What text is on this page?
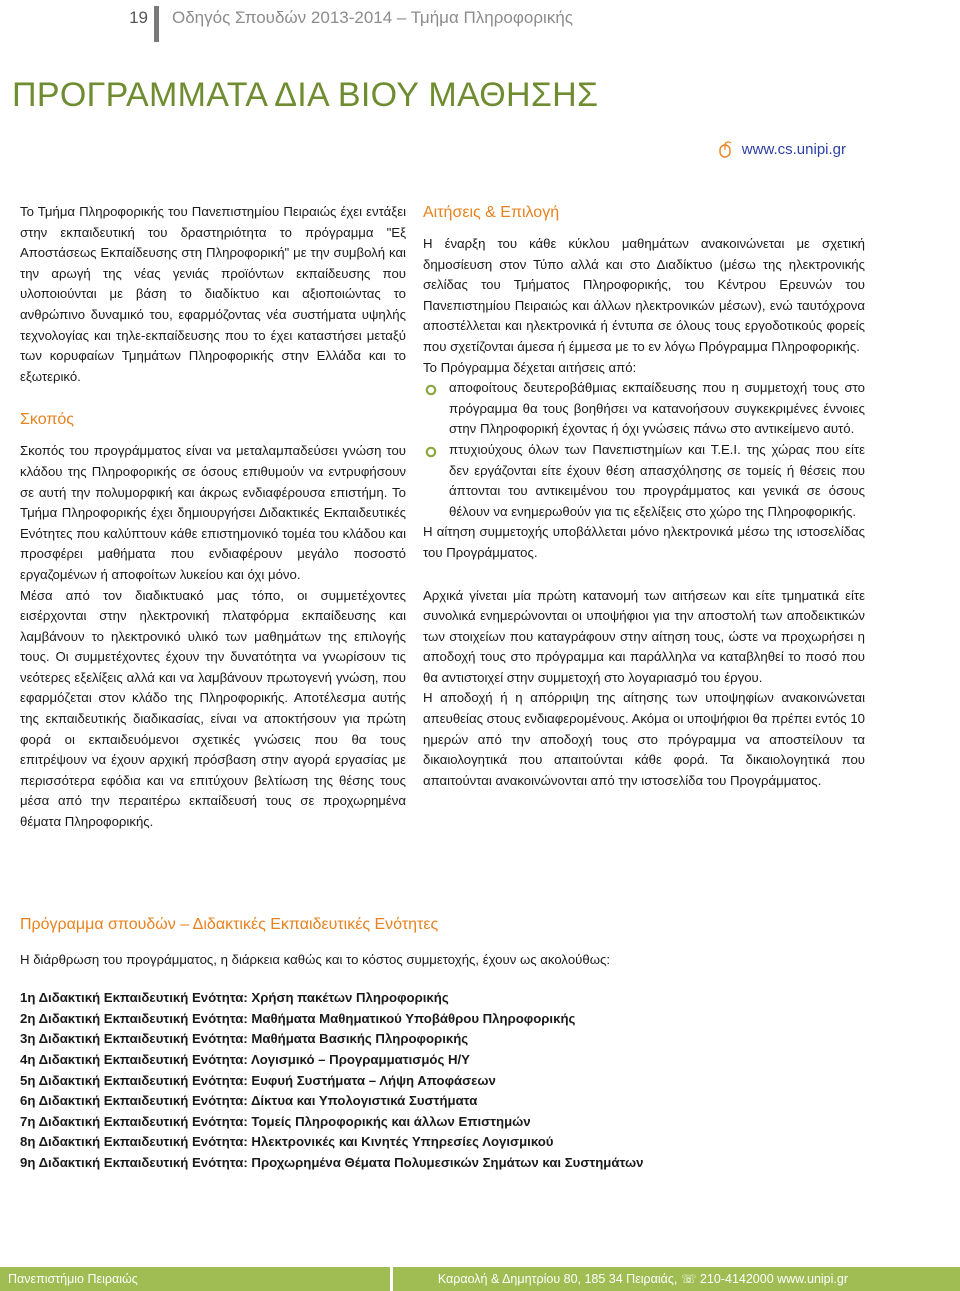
19 Οδηγός Σπουδών 2013-2014 – Τμήμα Πληροφορικής
ΠΡΟΓΡΑΜΜΑΤΑ ΔΙΑ ΒΙΟΥ ΜΑΘΗΣΗΣ
www.cs.unipi.gr

Το Τμήμα Πληροφορικής του Πανεπιστημίου Πειραιώς έχει εντάξει στην εκπαιδευτική του δραστηριότητα το πρόγραμμα "Εξ Αποστάσεως Εκπαίδευσης στη Πληροφορική" με την συμβολή και την αρωγή της νέας γενιάς προϊόντων εκπαίδευσης που υλοποιούνται με βάση το διαδίκτυο και αξιοποιώντας το ανθρώπινο δυναμικό του, εφαρμόζοντας νέα συστήματα υψηλής τεχνολογίας και τηλε-εκπαίδευσης που το έχει καταστήσει μεταξύ των κορυφαίων Τμημάτων Πληροφορικής στην Ελλάδα και το εξωτερικό.

Σκοπός

Σκοπός του προγράμματος είναι να μεταλαμπαδεύσει γνώση του κλάδου της Πληροφορικής σε όσους επιθυμούν να εντρυφήσουν σε αυτή την πολυμορφική και άκρως ενδιαφέρουσα επιστήμη. Το Τμήμα Πληροφορικής έχει δημιουργήσει Διδακτικές Εκπαιδευτικές Ενότητες που καλύπτουν κάθε επιστημονικό τομέα του κλάδου και προσφέρει μαθήματα που ενδιαφέρουν μεγάλο ποσοστό εργαζομένων ή αποφοίτων λυκείου και όχι μόνο.

Μέσα από τον διαδικτυακό μας τόπο, οι συμμετέχοντες εισέρχονται στην ηλεκτρονική πλατφόρμα εκπαίδευσης και λαμβάνουν το ηλεκτρονικό υλικό των μαθημάτων της επιλογής τους. Οι συμμετέχοντες έχουν την δυνατότητα να γνωρίσουν τις νεότερες εξελίξεις αλλά και να λαμβάνουν πρωτογενή γνώση, που εφαρμόζεται στον κλάδο της Πληροφορικής. Αποτέλεσμα αυτής της εκπαιδευτικής διαδικασίας, είναι να αποκτήσουν για πρώτη φορά οι εκπαιδευόμενοι σχετικές γνώσεις που θα τους επιτρέψουν να έχουν αρχική πρόσβαση στην αγορά εργασίας με περισσότερα εφόδια και να επιτύχουν βελτίωση της θέσης τους μέσα από την περαιτέρω εκπαίδευσή τους σε προχωρημένα θέματα Πληροφορικής.

Αιτήσεις & Επιλογή

Η έναρξη του κάθε κύκλου μαθημάτων ανακοινώνεται με σχετική δημοσίευση στον Τύπο αλλά και στο Διαδίκτυο (μέσω της ηλεκτρονικής σελίδας του Τμήματος Πληροφορικής, του Κέντρου Ερευνών του Πανεπιστημίου Πειραιώς και άλλων ηλεκτρονικών μέσων), ενώ ταυτόχρονα αποστέλλεται και ηλεκτρονικά ή έντυπα σε όλους τους εργοδοτικούς φορείς που σχετίζονται άμεσα ή έμμεσα με το εν λόγω Πρόγραμμα Πληροφορικής.

Το Πρόγραμμα δέχεται αιτήσεις από:

αποφοίτους δευτεροβάθμιας εκπαίδευσης που η συμμετοχή τους στο πρόγραμμα θα τους βοηθήσει να κατανοήσουν συγκεκριμένες έννοιες στην Πληροφορική έχοντας ή όχι γνώσεις πάνω στο αντικείμενο αυτό.
πτυχιούχους όλων των Πανεπιστημίων και Τ.Ε.Ι. της χώρας που είτε δεν εργάζονται είτε έχουν θέση απασχόλησης σε τομείς ή θέσεις που άπτονται του αντικειμένου του προγράμματος και γενικά σε όσους θέλουν να ενημερωθούν για τις εξελίξεις στο χώρο της Πληροφορικής.

Η αίτηση συμμετοχής υποβάλλεται μόνο ηλεκτρονικά μέσω της ιστοσελίδας του Προγράμματος.

Αρχικά γίνεται μία πρώτη κατανομή των αιτήσεων και είτε τμηματικά είτε συνολικά ενημερώνονται οι υποψήφιοι για την αποστολή των αποδεικτικών των στοιχείων που καταγράφουν στην αίτηση τους, ώστε να προχωρήσει η αποδοχή τους στο πρόγραμμα και παράλληλα να καταβληθεί το ποσό που θα αντιστοιχεί στην συμμετοχή στο λογαριασμό του έργου.

Η αποδοχή ή η απόρριψη της αίτησης των υποψηφίων ανακοινώνεται απευθείας στους ενδιαφερομένους. Ακόμα οι υποψήφιοι θα πρέπει εντός 10 ημερών από την αποδοχή τους στο πρόγραμμα να αποστείλουν τα δικαιολογητικά που απαιτούνται κάθε φορά. Τα δικαιολογητικά που απαιτούνται ανακοινώνονται από την ιστοσελίδα του Προγράμματος.

Πρόγραμμα σπουδών – Διδακτικές Εκπαιδευτικές Ενότητες

Η διάρθρωση του προγράμματος, η διάρκεια καθώς και το κόστος συμμετοχής, έχουν ως ακολούθως:

1η Διδακτική Εκπαιδευτική Ενότητα: Χρήση πακέτων Πληροφορικής
2η Διδακτική Εκπαιδευτική Ενότητα: Μαθήματα Μαθηματικού Υποβάθρου Πληροφορικής
3η Διδακτική Εκπαιδευτική Ενότητα: Μαθήματα Βασικής Πληροφορικής
4η Διδακτική Εκπαιδευτική Ενότητα: Λογισμικό – Προγραμματισμός Η/Υ
5η Διδακτική Εκπαιδευτική Ενότητα: Ευφυή Συστήματα – Λήψη Αποφάσεων
6η Διδακτική Εκπαιδευτική Ενότητα: Δίκτυα και Υπολογιστικά Συστήματα
7η Διδακτική Εκπαιδευτική Ενότητα: Τομείς Πληροφορικής και άλλων Επιστημών
8η Διδακτική Εκπαιδευτική Ενότητα: Ηλεκτρονικές και Κινητές Υπηρεσίες Λογισμικού
9η Διδακτική Εκπαιδευτική Ενότητα: Προχωρημένα Θέματα Πολυμεσικών Σημάτων και Συστημάτων
Πανεπιστήμιο Πειραιώς	Καραολή & Δημητρίου 80, 185 34 Πειραιάς, ☏ 210-4142000 www.unipi.gr
